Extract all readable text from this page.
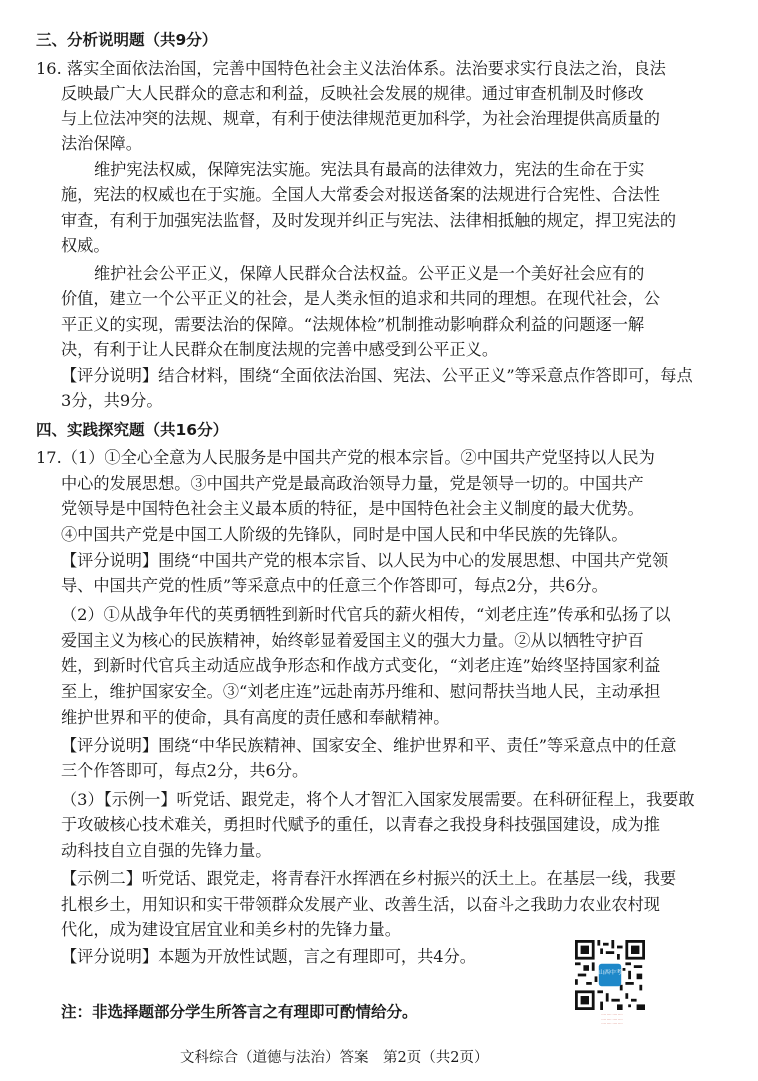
三、分析说明题（共9分）
16. 落实全面依法治国，完善中国特色社会主义法治体系。法治要求实行良法之治，良法
反映最广大人民群众的意志和利益，反映社会发展的规律。通过审查机制及时修改
与上位法冲突的法规、规章，有利于使法律规范更加科学，为社会治理提供高质量的
法治保障。
维护宪法权威，保障宪法实施。宪法具有最高的法律效力，宪法的生命在于实
施，宪法的权威也在于实施。全国人大常委会对报送备案的法规进行合宪性、合法性
审查，有利于加强宪法监督，及时发现并纠正与宪法、法律相抵触的规定，捍卫宪法的
权威。
维护社会公平正义，保障人民群众合法权益。公平正义是一个美好社会应有的
价值，建立一个公平正义的社会，是人类永恒的追求和共同的理想。在现代社会，公
平正义的实现，需要法治的保障。“法规体检”机制推动影响群众利益的问题逐一解
决，有利于让人民群众在制度法规的完善中感受到公平正义。
【评分说明】结合材料，围绕“全面依法治国、宪法、公平正义”等采意点作答即可，每点
3分，共9分。
四、实践探究题（共16分）
17.（1）①全心全意为人民服务是中国共产党的根本宗旨。②中国共产党坚持以人民为
中心的发展思想。③中国共产党是最高政治领导力量，党是领导一切的。中国共产
党领导是中国特色社会主义最本质的特征，是中国特色社会主义制度的最大优势。
④中国共产党是中国工人阶级的先锋队，同时是中国人民和中华民族的先锋队。
【评分说明】围绕“中国共产党的根本宗旨、以人民为中心的发展思想、中国共产党领
导、中国共产党的性质”等采意点中的任意三个作答即可，每点2分，共6分。
（2）①从战争年代的英勇牺牲到新时代官兵的薪火相传，“刘老庄连”传承和弘扬了以
爱国主义为核心的民族精神，始终彰显着爱国主义的强大力量。②从以牺牲守护百
姓，到新时代官兵主动适应战争形态和作战方式变化，“刘老庄连”始终坚持国家利益
至上，维护国家安全。③“刘老庄连”远赴南苏丹维和、慰问帮扶当地人民，主动承担
维护世界和平的使命，具有高度的责任感和奉献精神。
【评分说明】围绕“中华民族精神、国家安全、维护世界和平、责任”等采意点中的任意
三个作答即可，每点2分，共6分。
（3）【示例一】听党话、跟党走，将个人才智汇入国家发展需要。在科研征程上，我要敢
于攻破核心技术难关，勇担时代赋予的重任，以青春之我投身科技强国建设，成为推
动科技自立自强的先锋力量。
【示例二】听党话、跟党走，将青春汗水挥洒在乡村振兴的沃土上。在基层一线，我要
扎根乡土，用知识和实干带领群众发展产业、改善生活，以奋斗之我助力农业农村现
代化，成为建设宜居宜业和美乡村的先锋力量。
【评分说明】本题为开放性试题，言之有理即可，共4分。
注：非选择题部分学生所答言之有理即可酌情给分。
山西中考
···· ···· ···· ····
···· ···· ···· ····
···· ···· ···· ····
文科综合（道德与法治）答案　第2页（共2页）
